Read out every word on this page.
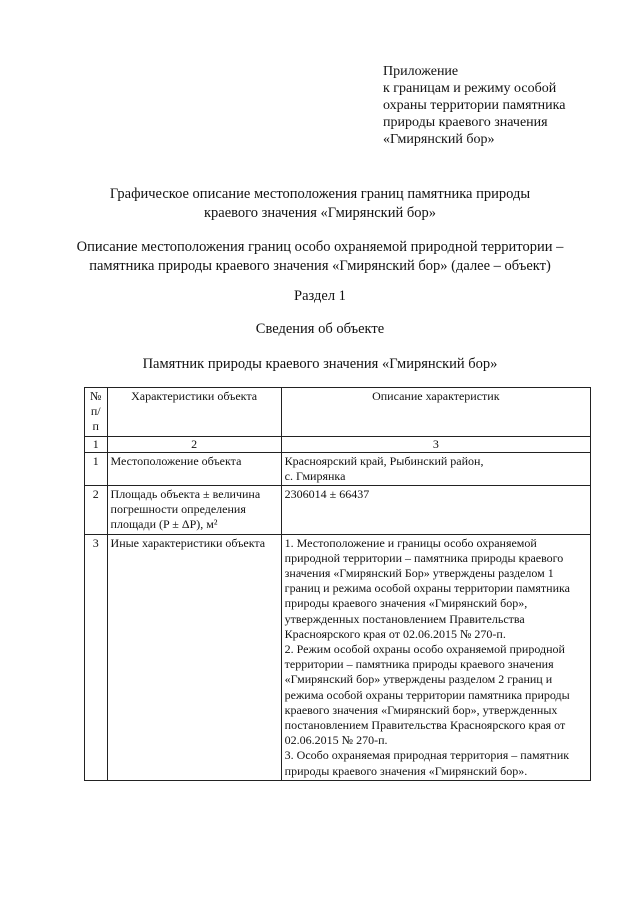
Приложение
к границам и режиму особой
охраны территории памятника
природы краевого значения
«Гмирянский бор»
Графическое описание местоположения границ памятника природы
краевого значения «Гмирянский бор»
Описание местоположения границ особо охраняемой природной территории –
памятника природы краевого значения «Гмирянский бор» (далее – объект)
Раздел 1
Сведения об объекте
Памятник природы краевого значения «Гмирянский бор»
№ п/п	Характеристики объекта	Описание характеристик
1	2	3
1	Местоположение объекта	Красноярский край, Рыбинский район,
с. Гмирянка

2	Площадь объекта ± величина погрешности определения площади (P ± ΔP), м²	2306014 ± 66437

3	Иные характеристики объекта	1. Местоположение и границы особо охраняемой природной территории – памятника природы краевого значения «Гмирянский Бор» утверждены разделом 1 границ и режима особой охраны территории памятника природы краевого значения «Гмирянский бор», утвержденных постановлением Правительства Красноярского края от 02.06.2015 № 270-п.
2. Режим особой охраны особо охраняемой природной территории – памятника природы краевого значения «Гмирянский бор» утверждены разделом 2 границ и режима особой охраны территории памятника природы краевого значения «Гмирянский бор», утвержденных постановлением Правительства Красноярского края от 02.06.2015 № 270-п.
3. Особо охраняемая природная территория – памятник природы краевого значения «Гмирянский бор».
